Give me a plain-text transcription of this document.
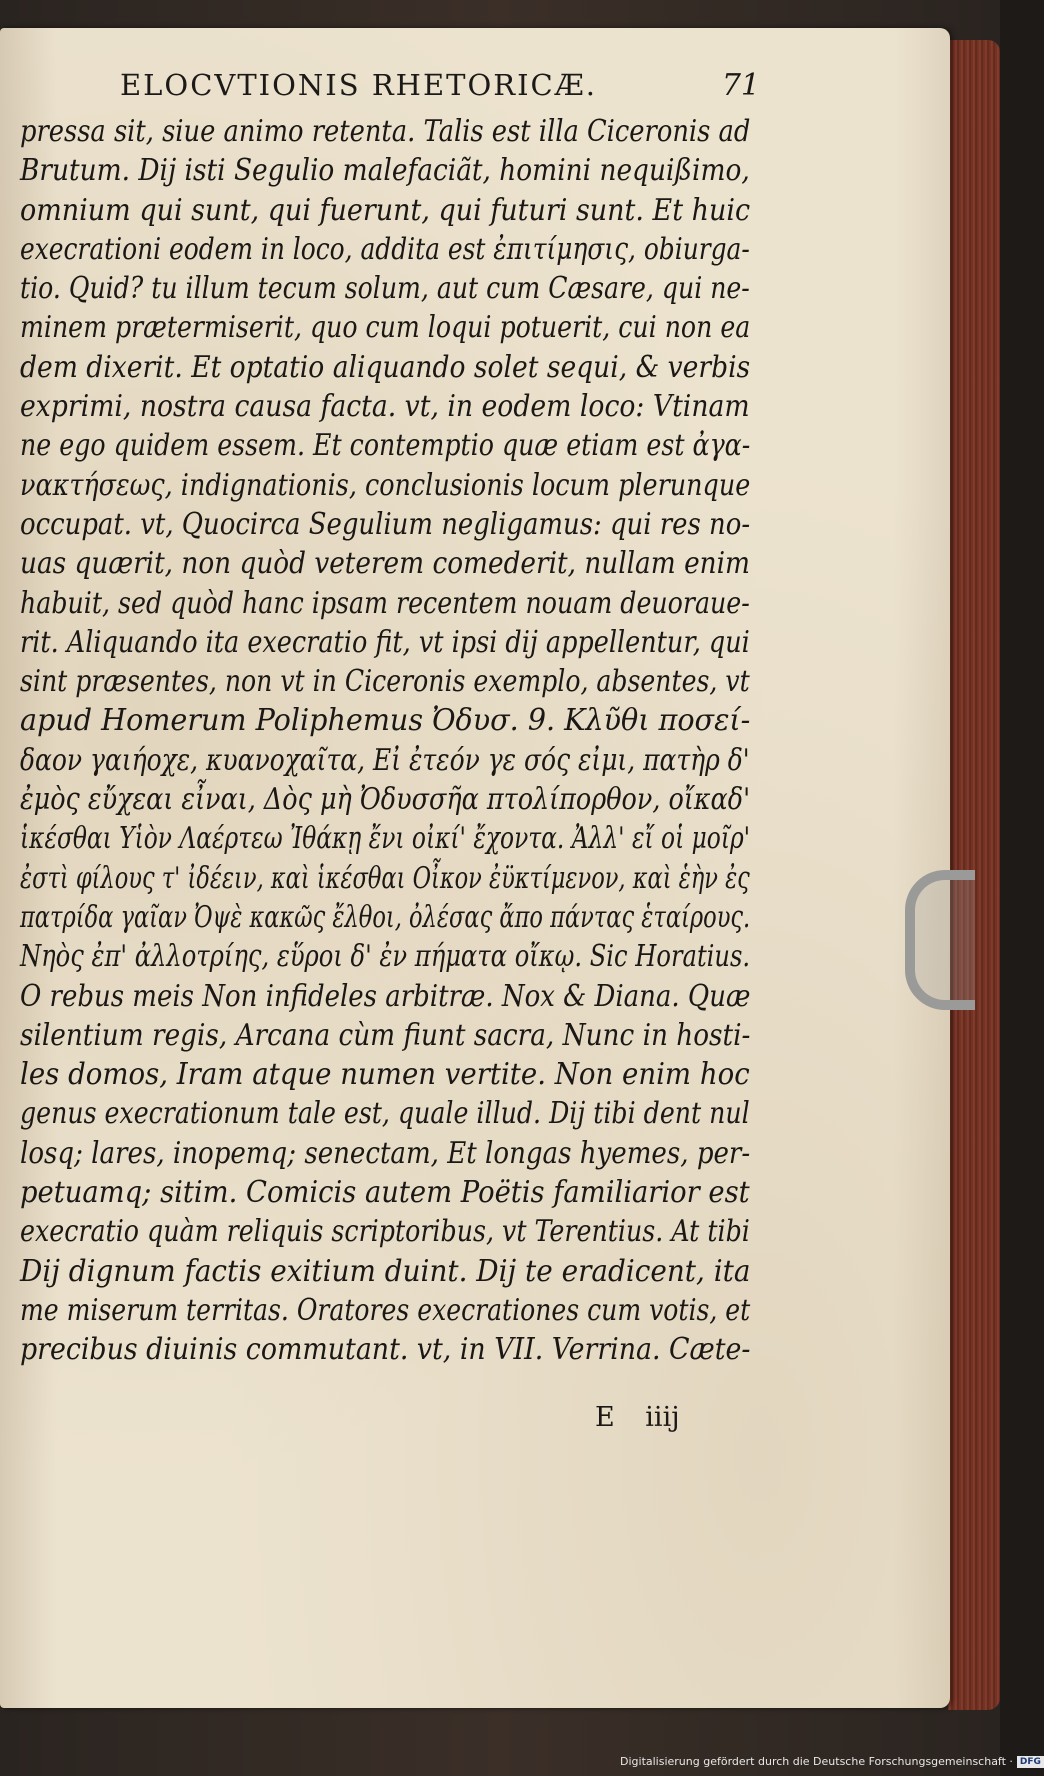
ELOCVTIONIS RHETORICÆ.	71
pressa sit, siue animo retenta. Talis est illa Ciceronis ad
Brutum. Dij isti Segulio malefaciãt, homini nequißimo,
omnium qui sunt, qui fuerunt, qui futuri sunt. Et huic
execrationi eodem in loco, addita est ἐπιτίμησις, obiurga-
tio. Quid? tu illum tecum solum, aut cum Cæsare, qui ne-
minem prætermiserit, quo cum loqui potuerit, cui non ea
dem dixerit. Et optatio aliquando solet sequi, & verbis
exprimi, nostra causa facta. vt, in eodem loco: Vtinam
ne ego quidem essem. Et contemptio quæ etiam est ἀγα-
νακτήσεως, indignationis, conclusionis locum plerunque
occupat. vt, Quocirca Segulium negligamus: qui res no-
uas quærit, non quòd veterem comederit, nullam enim
habuit, sed quòd hanc ipsam recentem nouam deuoraue-
rit. Aliquando ita execratio fit, vt ipsi dij appellentur, qui
sint præsentes, non vt in Ciceronis exemplo, absentes, vt
apud Homerum Poliphemus Ὀδυσ. 9. Κλῦθι ποσεί-
δαον γαιήοχε, κυανοχαῖτα, Εἰ ἐτεόν γε σός εἰμι, πατὴρ δ'
ἐμὸς εὔχεαι εἶναι, Δὸς μὴ Ὀδυσσῆα πτολίπορθον, οἴκαδ'
ἱκέσθαι Υἱὸν Λαέρτεω Ἰθάκῃ ἔνι οἰκί' ἔχοντα. Ἀλλ' εἴ οἱ μοῖρ'
ἐστὶ φίλους τ' ἰδέειν, καὶ ἱκέσθαι Οἶκον ἐϋκτίμενον, καὶ ἑὴν ἐς
πατρίδα γαῖαν Ὀψὲ κακῶς ἔλθοι, ὀλέσας ἄπο πάντας ἑταίρους.
Νηὸς ἐπ' ἀλλοτρίης, εὕροι δ' ἐν πήματα οἴκῳ. Sic Horatius.
O rebus meis Non infideles arbitræ. Nox & Diana. Quæ
silentium regis, Arcana cùm fiunt sacra, Nunc in hosti-
les domos, Iram atque numen vertite. Non enim hoc
genus execrationum tale est, quale illud. Dij tibi dent nul
losq; lares, inopemq; senectam, Et longas hyemes, per-
petuamq; sitim. Comicis autem Poëtis familiarior est
execratio quàm reliquis scriptoribus, vt Terentius. At tibi
Dij dignum factis exitium duint. Dij te eradicent, ita
me miserum territas. Oratores execrationes cum votis, et
precibus diuinis commutant. vt, in VII. Verrina. Cæte-
E iiij
Digitalisierung gefördert durch die Deutsche Forschungsgemeinschaft · DFG
